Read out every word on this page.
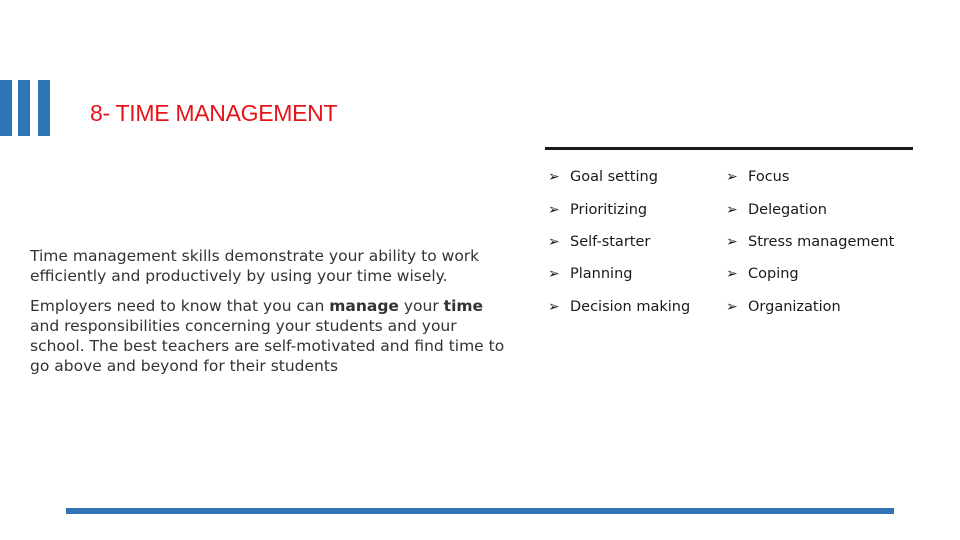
8- TIME MANAGEMENT

Time management skills demonstrate your ability to work efficiently and productively by using your time wisely.

Employers need to know that you can manage your time and responsibilities concerning your students and your school. The best teachers are self-motivated and find time to go above and beyond for their students

➢ Goal setting
➢ Prioritizing
➢ Self-starter
➢ Planning
➢ Decision making
➢ Focus
➢ Delegation
➢ Stress management
➢ Coping
➢ Organization
